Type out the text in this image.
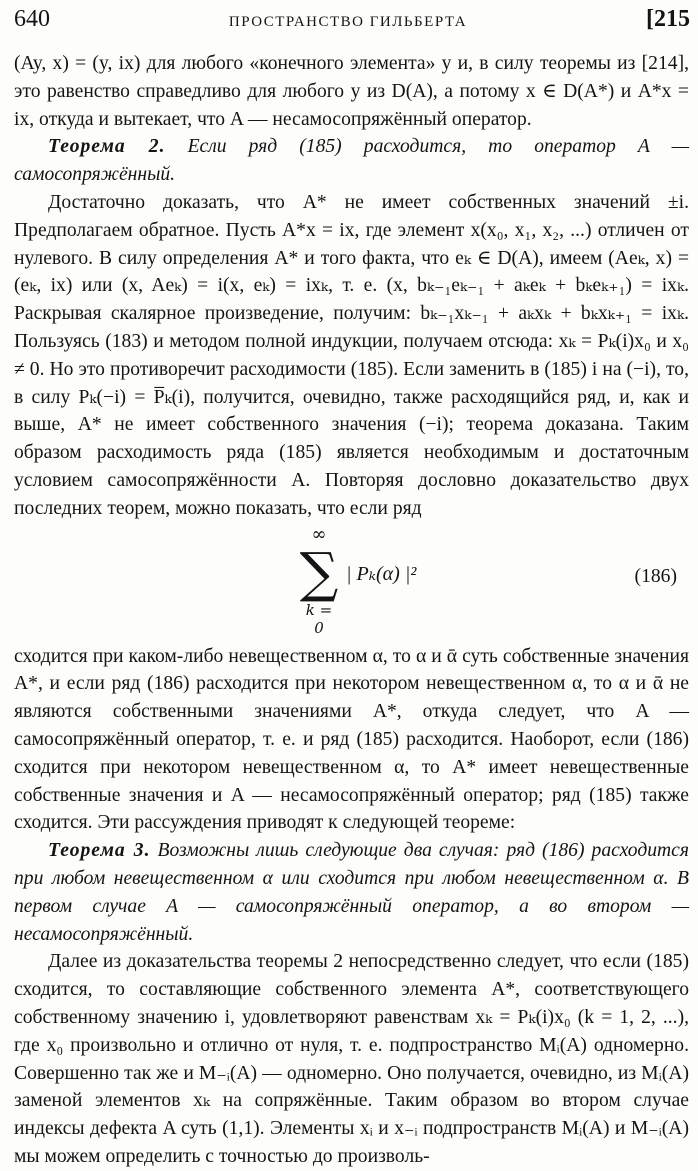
640	ПРОСТРАНСТВО ГИЛЬБЕРТА	[215

(Ay, x) = (y, ix) для любого «конечного элемента» y и, в силу теоремы из [214], это равенство справедливо для любого y из D(A), а потому x ∈ D(A*) и A*x = ix, откуда и вытекает, что A — несамосопряжённый оператор.

Теорема 2. Если ряд (185) расходится, то оператор A — самосопряжённый.

Достаточно доказать, что A* не имеет собственных значений ±i. Предполагаем обратное. Пусть A*x = ix, где элемент x(x₀, x₁, x₂, ...) отличен от нулевого. В силу определения A* и того факта, что eₖ ∈ D(A), имеем (Aeₖ, x) = (eₖ, ix) или (x, Aeₖ) = i(x, eₖ) = ixₖ, т. е. (x, bₖ₋₁eₖ₋₁ + aₖeₖ + bₖeₖ₊₁) = ixₖ. Раскрывая скалярное произведение, получим: bₖ₋₁xₖ₋₁ + aₖxₖ + bₖxₖ₊₁ = ixₖ. Пользуясь (183) и методом полной индукции, получаем отсюда: xₖ = Pₖ(i)x₀ и x₀ ≠ 0. Но это противоречит расходимости (185). Если заменить в (185) i на (−i), то, в силу Pₖ(−i) = P̅ₖ(i), получится, очевидно, также расходящийся ряд, и, как и выше, A* не имеет собственного значения (−i); теорема доказана. Таким образом расходимость ряда (185) является необходимым и достаточным условием самосопряжённости A. Повторяя дословно доказательство двух последних теорем, можно показать, что если ряд

∞
∑
k = 0
| Pₖ(α) |²	(186)

сходится при каком-либо невещественном α, то α и ᾱ суть собственные значения A*, и если ряд (186) расходится при некотором невещественном α, то α и ᾱ не являются собственными значениями A*, откуда следует, что A — самосопряжённый оператор, т. е. и ряд (185) расходится. Наоборот, если (186) сходится при некотором невещественном α, то A* имеет невещественные собственные значения и A — несамосопряжённый оператор; ряд (185) также сходится. Эти рассуждения приводят к следующей теореме:

Теорема 3. Возможны лишь следующие два случая: ряд (186) расходится при любом невещественном α или сходится при любом невещественном α. В первом случае A — самосопряжённый оператор, а во втором — несамосопряжённый.

Далее из доказательства теоремы 2 непосредственно следует, что если (185) сходится, то составляющие собственного элемента A*, соответствующего собственному значению i, удовлетворяют равенствам xₖ = Pₖ(i)x₀ (k = 1, 2, ...), где x₀ произвольно и отлично от нуля, т. е. подпространство Mᵢ(A) одномерно. Совершенно так же и M₋ᵢ(A) — одномерно. Оно получается, очевидно, из Mᵢ(A) заменой элементов xₖ на сопряжённые. Таким образом во втором случае индексы дефекта A суть (1,1). Элементы xᵢ и x₋ᵢ подпространств Mᵢ(A) и M₋ᵢ(A) мы можем определить с точностью до произволь-
